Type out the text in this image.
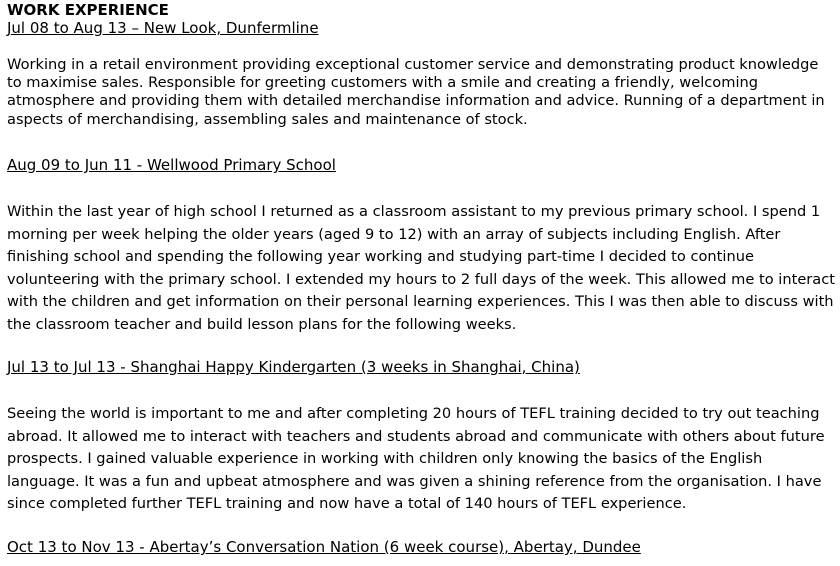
WORK EXPERIENCE

Jul 08 to Aug 13 – New Look, Dunfermline

Working in a retail environment providing exceptional customer service and demonstrating product knowledge to maximise sales. Responsible for greeting customers with a smile and creating a friendly, welcoming atmosphere and providing them with detailed merchandise information and advice. Running of a department in aspects of merchandising, assembling sales and maintenance of stock.

Aug 09 to Jun 11 - Wellwood Primary School

Within the last year of high school I returned as a classroom assistant to my previous primary school. I spend 1 morning per week helping the older years (aged 9 to 12) with an array of subjects including English. After finishing school and spending the following year working and studying part-time I decided to continue volunteering with the primary school. I extended my hours to 2 full days of the week. This allowed me to interact with the children and get information on their personal learning experiences. This I was then able to discuss with the classroom teacher and build lesson plans for the following weeks.

Jul 13 to Jul 13 - Shanghai Happy Kindergarten (3 weeks in Shanghai, China)

Seeing the world is important to me and after completing 20 hours of TEFL training decided to try out teaching abroad. It allowed me to interact with teachers and students abroad and communicate with others about future prospects. I gained valuable experience in working with children only knowing the basics of the English language. It was a fun and upbeat atmosphere and was given a shining reference from the organisation. I have since completed further TEFL training and now have a total of 140 hours of TEFL experience.

Oct 13 to Nov 13 - Abertay’s Conversation Nation (6 week course), Abertay, Dundee
